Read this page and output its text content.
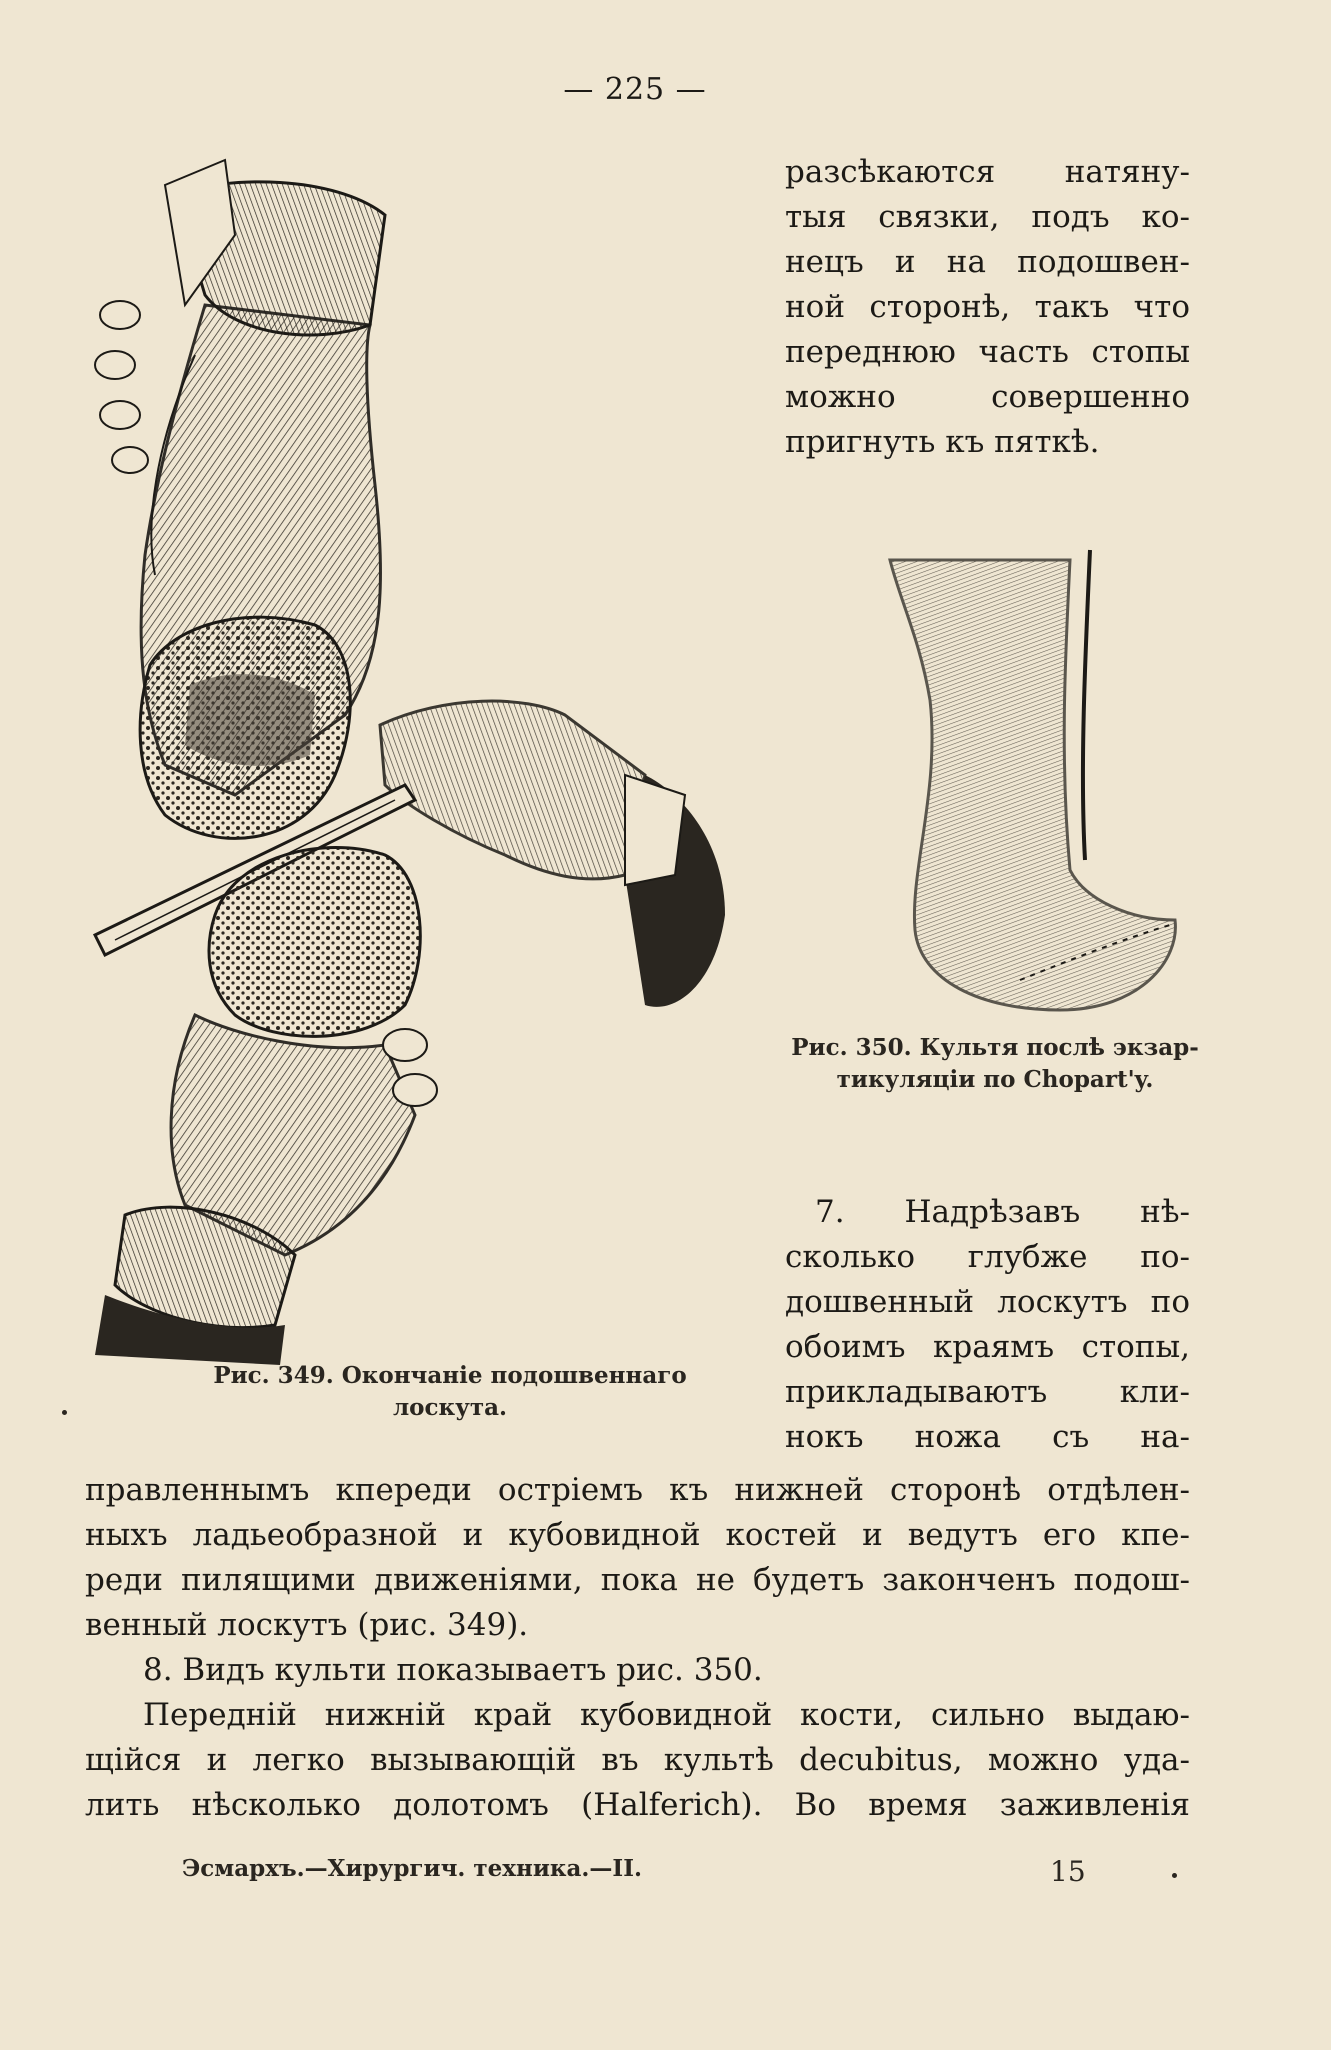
— 225 —
разсѣкаются натяну-
тыя связки, подъ ко-
нецъ и на подошвен-
ной сторонѣ, такъ что
переднюю часть стопы
можно совершенно
пригнуть къ пяткѣ.
Рис. 350. Культя послѣ экзар-
тикуляціи по Chopart'y.
7. Надрѣзавъ нѣ-
сколько глубже по-
дошвенный лоскутъ по
обоимъ краямъ стопы,
прикладываютъ кли-
нокъ ножа съ на-
Рис. 349. Окончаніе подошвеннаго
лоскута.
правленнымъ кпереди остріемъ къ нижней сторонѣ отдѣлен-
ныхъ ладьеобразной и кубовидной костей и ведутъ его кпе-
реди пилящими движеніями, пока не будетъ законченъ подош-
венный лоскутъ (рис. 349).
8. Видъ культи показываетъ рис. 350.
Передній нижній край кубовидной кости, сильно выдаю-
щійся и легко вызывающій въ культѣ decubitus, можно уда-
лить нѣсколько долотомъ (Halferich). Во время заживленія
Эсмархъ.—Хирургич. техника.—II.	15
